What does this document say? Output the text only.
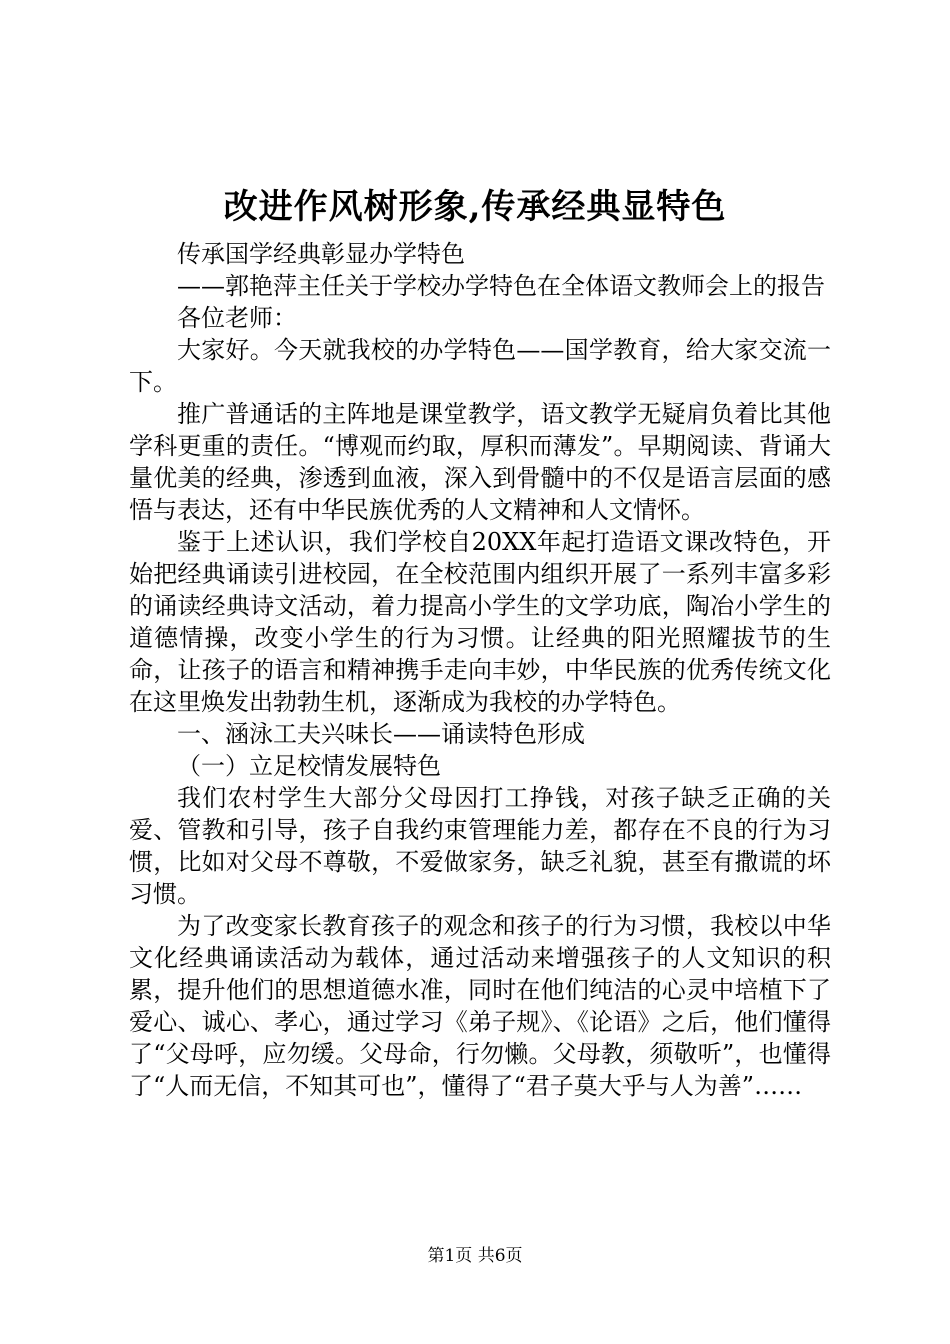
改进作风树形象,传承经典显特色

传承国学经典彰显办学特色

——郭艳萍主任关于学校办学特色在全体语文教师会上的报告

各位老师：

大家好。今天就我校的办学特色——国学教育，给大家交流一下。

推广普通话的主阵地是课堂教学，语文教学无疑肩负着比其他学科更重的责任。“博观而约取，厚积而薄发”。早期阅读、背诵大量优美的经典，渗透到血液，深入到骨髓中的不仅是语言层面的感悟与表达，还有中华民族优秀的人文精神和人文情怀。

鉴于上述认识，我们学校自20XX年起打造语文课改特色，开始把经典诵读引进校园，在全校范围内组织开展了一系列丰富多彩的诵读经典诗文活动，着力提高小学生的文学功底，陶冶小学生的道德情操，改变小学生的行为习惯。让经典的阳光照耀拔节的生命，让孩子的语言和精神携手走向丰妙，中华民族的优秀传统文化在这里焕发出勃勃生机，逐渐成为我校的办学特色。

一、涵泳工夫兴味长——诵读特色形成

（一）立足校情发展特色

我们农村学生大部分父母因打工挣钱，对孩子缺乏正确的关爱、管教和引导，孩子自我约束管理能力差，都存在不良的行为习惯，比如对父母不尊敬，不爱做家务，缺乏礼貌，甚至有撒谎的坏习惯。

为了改变家长教育孩子的观念和孩子的行为习惯，我校以中华文化经典诵读活动为载体，通过活动来增强孩子的人文知识的积累，提升他们的思想道德水准，同时在他们纯洁的心灵中培植下了爱心、诚心、孝心，通过学习《弟子规》、《论语》之后，他们懂得了“父母呼，应勿缓。父母命，行勿懒。父母教，须敬听”，也懂得了“人而无信，不知其可也”，懂得了“君子莫大乎与人为善”……

第1页 共6页
